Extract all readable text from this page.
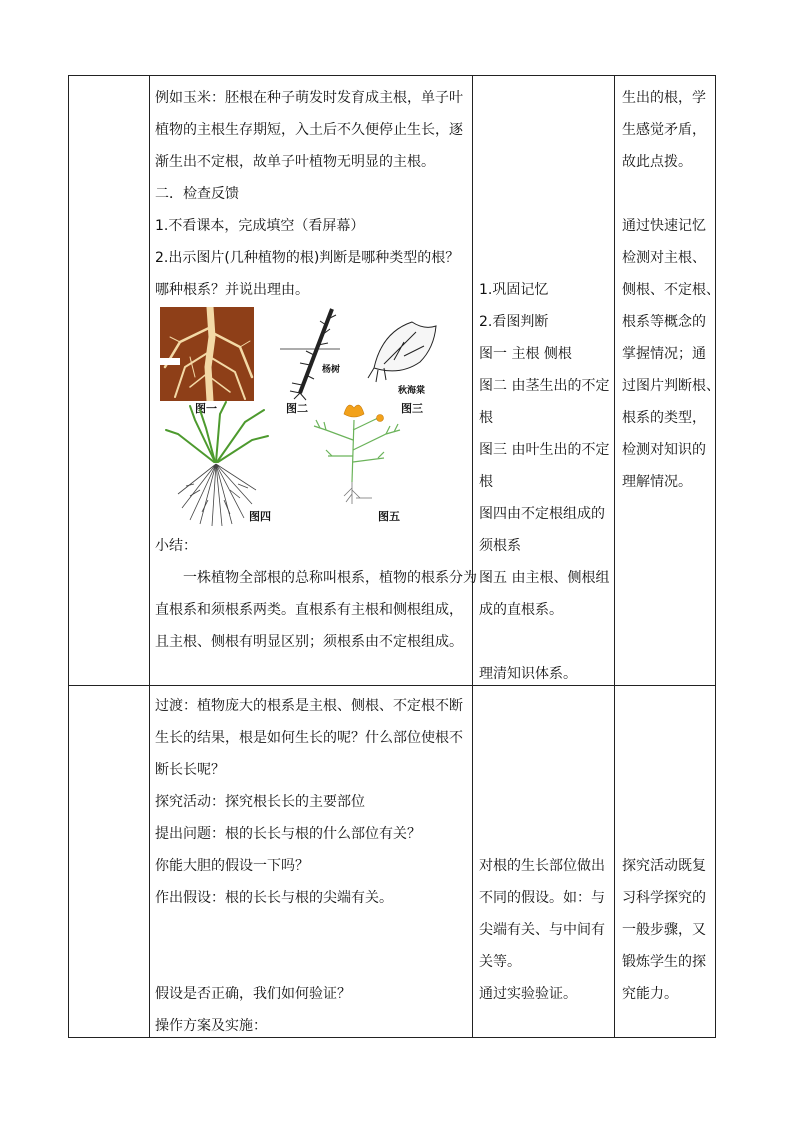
例如玉米：胚根在种子萌发时发育成主根，单子叶
植物的主根生存期短，入土后不久便停止生长，逐
渐生出不定根，故单子叶植物无明显的主根。
二．检查反馈
1.不看课本，完成填空（看屏幕）
2.出示图片(几种植物的根)判断是哪种类型的根？
哪种根系？并说出理由。
图一
杨树
图二
秋海棠
图三
图四	图五
小结：
一株植物全部根的总称叫根系，植物的根系分为
直根系和须根系两类。直根系有主根和侧根组成，
且主根、侧根有明显区别；须根系由不定根组成。
1.巩固记忆
2.看图判断
图一 主根 侧根
图二 由茎生出的不定
根
图三 由叶生出的不定
根
图四由不定根组成的
须根系
图五 由主根、侧根组
成的直根系。
理清知识体系。
生出的根，学
生感觉矛盾，
故此点拨。
通过快速记忆
检测对主根、
侧根、不定根、
根系等概念的
掌握情况；通
过图片判断根、
根系的类型，
检测对知识的
理解情况。
过渡：植物庞大的根系是主根、侧根、不定根不断
生长的结果，根是如何生长的呢？什么部位使根不
断长长呢？
探究活动：探究根长长的主要部位
提出问题：根的长长与根的什么部位有关？
你能大胆的假设一下吗？
作出假设：根的长长与根的尖端有关。
假设是否正确，我们如何验证？
操作方案及实施：
对根的生长部位做出
不同的假设。如：与
尖端有关、与中间有
关等。
通过实验验证。
探究活动既复
习科学探究的
一般步骤，又
锻炼学生的探
究能力。
